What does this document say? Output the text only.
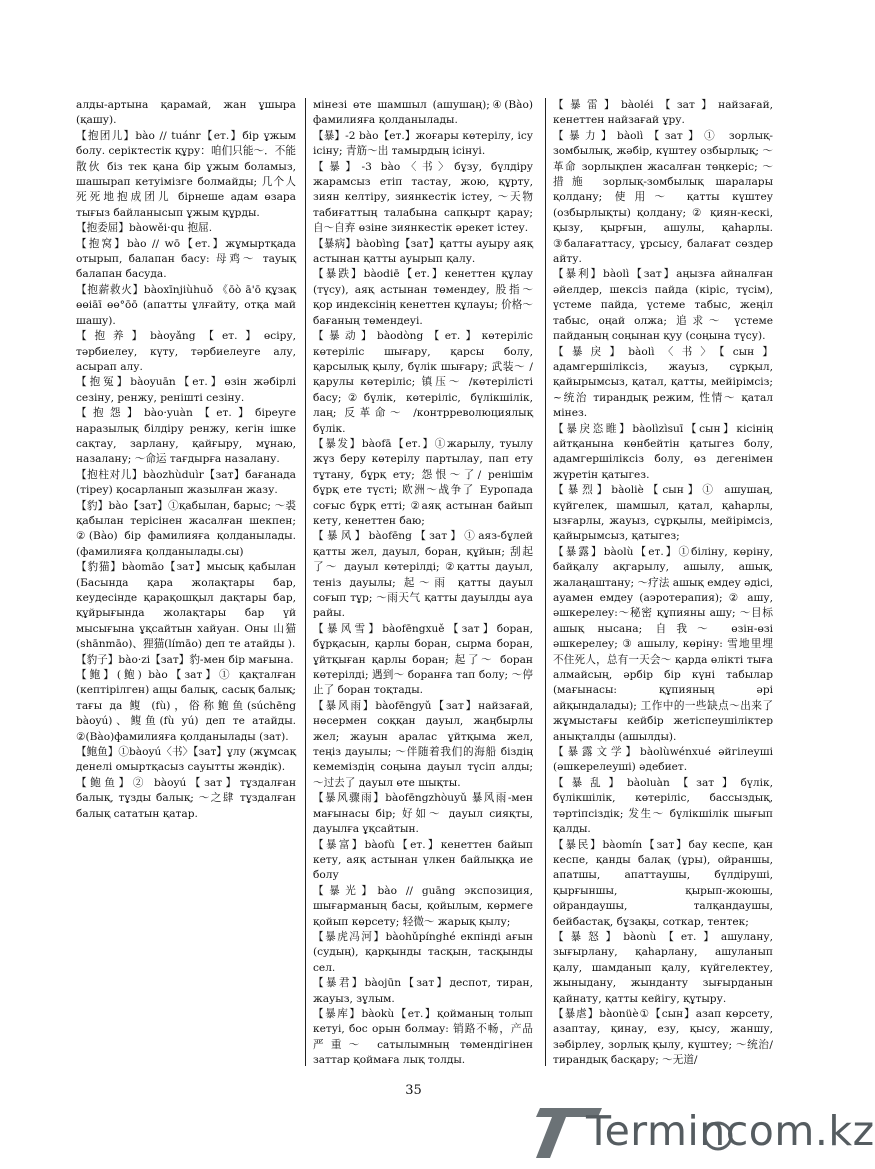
алды-артына қарамай, жан ұшыра (қашу).

【抱团儿】bào // tuánr【ет.】бір ұжым болу. серіктестік құру：咱们只能～．不能散伙 біз тек қана бір ұжым боламыз, шашырап кетуімізге болмайды; 几个人死死地抱成团儿 бірнеше адам өзара тығыз байланысып ұжым құрды.

【抱委屈】bàowěi·qu 抱屈.

【抱窝】bào // wō【ет.】жұмыртқада отырып, балапан басу: 母鸡～ тауық балапан басуда.

【抱薪救火】bàoxīnjiùhuǒ 《ōò ā'ō құзақ өөіāī өө°ōō (апатты ұлғайту, отқа май шашу).

【抱养】bàoyǎng【ет.】өсіру, тәрбиелеу, күту, тәрбиелеуге алу, асырап алу.

【抱冤】bàoyuān【ет.】өзін жәбірлі сезіну, ренжу, реніштi сезіну.

【抱怨】bào·yuàn【ет.】біреуге наразылық білдіру ренжу, кегін ішке сақтау, зарлану, қайғыру, мұнаю, назалану; ～命运 тағдырға назалану.

【抱柱对儿】bàozhùduìr【зат】бағанада (тіреу) қосарланып жазылған жазу.

【豹】bào【зат】①қабылан, барыс; ～裘 қабылан терісінен жасалған шекпен; ②(Bào) бір фамилияға қолданылады. (фамилияға қолданылады.сы)

【豹猫】bàomāo【зат】мысық қабылан (Басында қара жолақтары бар, кеудесінде қарақошқыл дақтары бар, құйрығында жолақтары бар үй мысығына ұқсайтын хайуан. Оны 山猫 (shānmāo)、狸猫(límāo) деп те атайды ).

【豹子】bào·zi【зат】豹-мен бір мағына.

【鲍】(鲍) bào【зат】① қақталған (кептірілген) ащы балық, сасық балық; тағы да 鳆 (fù)，俗称鲍鱼(súchēng bàoyú)、鳆鱼(fù yú) деп те атайды. ②(Bào)фамилияға қолданылады (зат).

【鲍鱼】①bàoyú〈书〉【зат】ұлу (жұмсақ денелі омыртқасыз сауытты жәндік).

【鲍鱼】② bàoyú【зат】тұздалған балық, тұзды балық; ～之肆 тұздалған балық сататын қатар.

мінезі өте шамшыл (ашушаң);④(Bào) фамилияға қолданылады.

【暴】-2 bào【ет.】жоғары көтерілу, ісу ісіну; 青筋～出 тамырдың ісінуі.

【暴】-3 bào〈书〉бұзу, бүлдіру жарамсыз етіп тастау, жою, құрту, зиян келтіру, зиянкестік істеу, ～天物 табиғаттың талабына сапқырт қарау; 自～自弃 өзіне зиянкестік әрекет істеу.

【暴病】bàobìng【зат】қатты ауыру аяқ астынан қатты ауырып қалу.

【暴跌】bàodiē【ет.】кенеттен құлау (түсу), аяқ астынан төмендеу, 股指～ қор индексінің кенеттен құлауы; 价格～ бағаның төмендеуі.

【暴动】bàodòng【ет.】көтеріліс көтеріліс шығару, қарсы болу, қарсылық қылу, бүлік шығару; 武装～ /қарулы көтеріліс; 镇压～ /көтерілісті басу;②бүлік, көтеріліс, бүлікшілік, лаң; 反革命～ /контрреволюциялық бүлік.

【暴发】bàofā【ет.】①жарылу, туылу жүз беру көтерілу партылау, пап ету тұтану, бұрқ ету; 怨恨～了/ ренішім бұрқ ете түсті; 欧洲～战争了 Еуропада соғыс бұрқ етті; ②аяқ астынан байып кету, кенеттен баю;

【暴风】bàofēng【зат】①аяз-бұлей қатты жел, дауыл, боран, құйын; 刮起了～ дауыл көтерілді; ②қатты дауыл, тенiз дауылы; 起～雨 қатты дауыл соғып тұр; ～雨天气 қатты дауылды ауа райы.

【暴风雪】bàofēngxuě【зат】боран, бұрқасын, қарлы боран, сырма боран, ұйтқыған қарлы боран; 起了～ боран көтерілді; 遇到～ боранға тап болу; ～停止了 боран тоқтады.

【暴风雨】bàofēngyǔ【зат】найзағай, нөсермен соққан дауыл, жаңбырлы жел; жауын аралас ұйтқыма жел, теңіз дауылы; ～伴随着我们的海船 біздің кемеміздің соңына дауыл түсіп алды; ～过去了 дауыл өте шықты.

【暴风骤雨】bàofēngzhòuyǔ 暴风雨-мен мағынасы бір; 好如～ дауыл сияқты, дауылға ұқсайтын.

【暴富】bàofù【ет.】кенеттен байып кету, аяқ астынан үлкен байлыққа ие болу

【暴光】bào // guāng экспозиция, шығарманың басы, қойылым, көрмеге қойып көрсету; 轻微～ жарық қылу;

【暴虎冯河】bàohǔpínghé екпінді ағын (судың), қарқынды тасқын, тасқынды сел.

【暴君】bàojūn【зат】деспот, тиран, жауыз, зұлым.

【暴库】bàokù【ет.】қойманың толып кетуі, бос орын болмау: 销路不畅，产品严重～ сатылымның төмендігінен заттар қоймаға лық толды.

【暴雷】bàoléi【зат】найзағай, кенеттен найзағай ұру.

【暴力】bàolì【зат】① зорлық-зомбылық, жәбір, күштеу озбырлық; ～革命 зорлықпен жасалған төңкеріс; ～措施 зорлық-зомбылық шаралары қолдану; 使用～ қатты күштеу (озбырлықты) қолдану; ② қиян-кескі, қызу, қырғын, ашулы, қаһарлы. ③балағаттасу, ұрсысу, балағат сөздер айту.

【暴利】bàolì【зат】аңызға айналған әйелдер, шексіз пайда (кіріс, түсім), үстеме пайда, үстеме табыс, жеңіл табыс, оңай олжа; 追求～ үстеме пайданың соңынан қуу (соңына түсу).

【暴戾】bàolì〈书〉【сын】адамгершіліксіз, жауыз, сұрқыл, қайырымсыз, қатал, қатты, мейірімсіз; ~统治 тирандық режим, 性情～ қатал мінез.

【暴戾恣睢】bàolìzìsuī【сын】кісінің айтқанына көнбейтін қатыгез болу, адамгершіліксіз болу, өз дегенімен жүретін қатыгез.

【暴烈】bàoliè【сын】① ашушаң, күйгелек, шамшыл, қатал, қаһарлы, ызғарлы, жауыз, сұрқылы, мейірімсіз, қайырымсыз, қатыгез;

【暴露】bàolù【ет.】①білiну, көріну, байқалу ақгарылу, ашылу, ашық, жалаңаштану; ～疗法 ашық емдеу әдісі, ауамен емдеу (аэротерапия); ② ашу, әшкерелеу:～秘密 құпияны ашу; ～目标 ашық нысана; 自我～ өзін-өзі әшкерелеу; ③ ашылу, көріну: 雪地里埋不住死人，总有一天会～ қарда өлікті тығa алмайсың, әрбiр бір күні табылар (мағынасы: құпияның әрі айқындалады); 工作中的一些缺点～出来了 жұмыстағы кейбір жетіспеушіліктер анықталды (ашылды).

【暴露文学】bàolùwénxué әйгілеуші (әшкерелеуші) әдебиет.

【暴乱】bàoluàn【зат】бүлік, бүлікшілік, көтеріліс, бассыздық, тәртіпсіздік; 发生～ бүлікшілік шығып қалды.

【暴民】bàomín【зат】бау кеспе, қан кеспе, қанды балақ (ұры), ойраншы, апатшы, апаттаушы, бүлдіруші, қырғыншы, қырып-жоюшы, ойрандаушы, талқандаушы, бейбастақ, бұзақы, соткар, тентек;

【暴怒】bàonù【ет.】ашулану, зығырлану, қаһарлану, ашуланып қалу, шамданып қалу, күйгелектеу, жыныдану, жынданту зығырданын қайнату, қатты кейігу, құтыру.

【暴虐】bàonüè①【сын】азап көрсету, азаптау, қинау, езу, қысу, жаншу, зәбірлеу, зорлық қылу, күштеу; ～统治/ тирандық басқару; ～无道/

35
Termincom.kz
